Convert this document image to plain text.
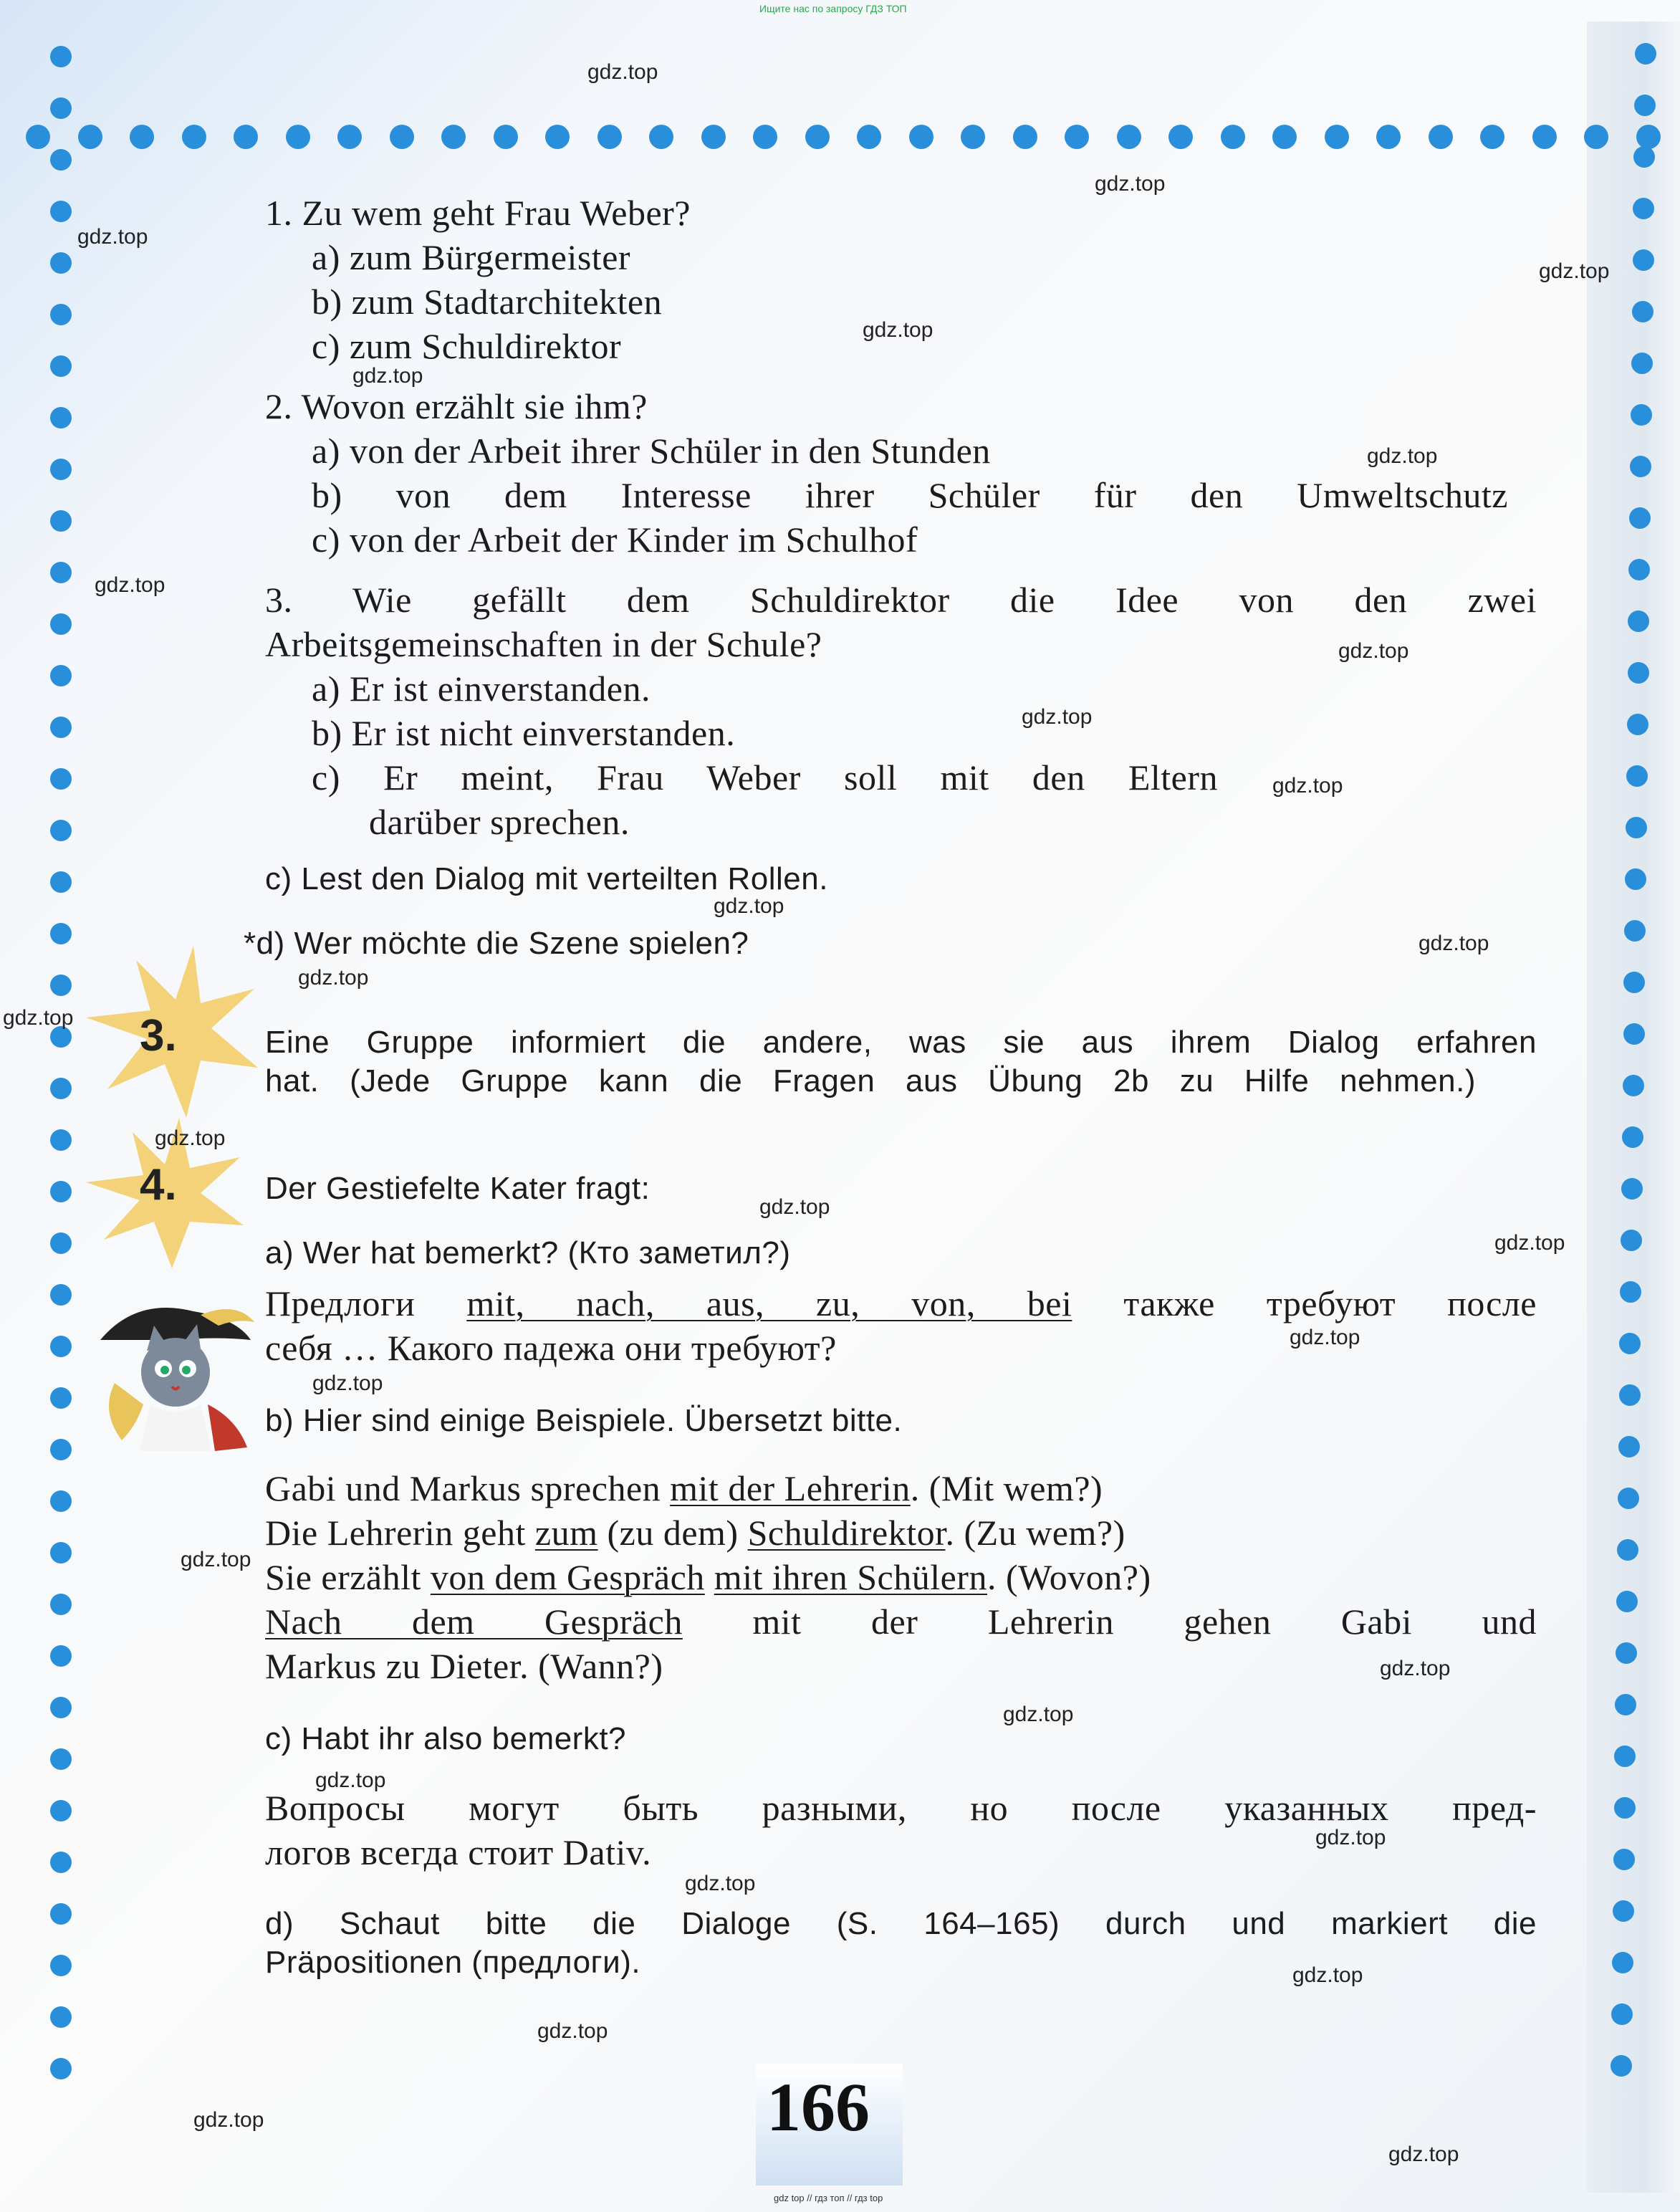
Ищите нас по запросу ГДЗ ТОП
1. Zu wem geht Frau Weber?
a) zum Bürgermeister
b) zum Stadtarchitekten
c) zum Schuldirektor
2. Wovon erzählt sie ihm?
a) von der Arbeit ihrer Schüler in den Stunden
b) von dem Interesse ihrer Schüler für den Umweltschutz
c) von der Arbeit der Kinder im Schulhof
3. Wie gefällt dem Schuldirektor die Idee von den zwei
Arbeitsgemeinschaften in der Schule?
a) Er ist einverstanden.
b) Er ist nicht einverstanden.
c) Er meint, Frau Weber soll mit den Eltern
darüber sprechen.
c) Lest den Dialog mit verteilten Rollen.
*d) Wer möchte die Szene spielen?
3.	Eine Gruppe informiert die andere, was sie aus ihrem Dialog erfahren
hat. (Jede Gruppe kann die Fragen aus Übung 2b zu Hilfe nehmen.)
4.	Der Gestiefelte Kater fragt:
a) Wer hat bemerkt? (Кто заметил?)
Предлоги mit, nach, aus, zu, von, bei также требуют после
себя … Какого падежа они требуют?
b) Hier sind einige Beispiele. Übersetzt bitte.
Gabi und Markus sprechen mit der Lehrerin. (Mit wem?)
Die Lehrerin geht zum (zu dem) Schuldirektor. (Zu wem?)
Sie erzählt von dem Gespräch mit ihren Schülern. (Wovon?)
Nach dem Gespräch mit der Lehrerin gehen Gabi und
Markus zu Dieter. (Wann?)
c) Habt ihr also bemerkt?
Вопросы могут быть разными, но после указанных пред-
логов всегда стоит Dativ.
d) Schaut bitte die Dialoge (S. 164–165) durch und markiert die
Präpositionen (предлоги).
166
gdz top // гдз топ // гдз top
gdz.top
gdz.top
gdz.top
gdz.top
gdz.top
gdz.top
gdz.top
gdz.top
gdz.top
gdz.top
gdz.top
gdz.top
gdz.top
gdz.top
gdz.top
gdz.top
gdz.top
gdz.top
gdz.top
gdz.top
gdz.top
gdz.top
gdz.top
gdz.top
gdz.top
gdz.top
gdz.top
gdz.top
gdz.top
gdz.top
